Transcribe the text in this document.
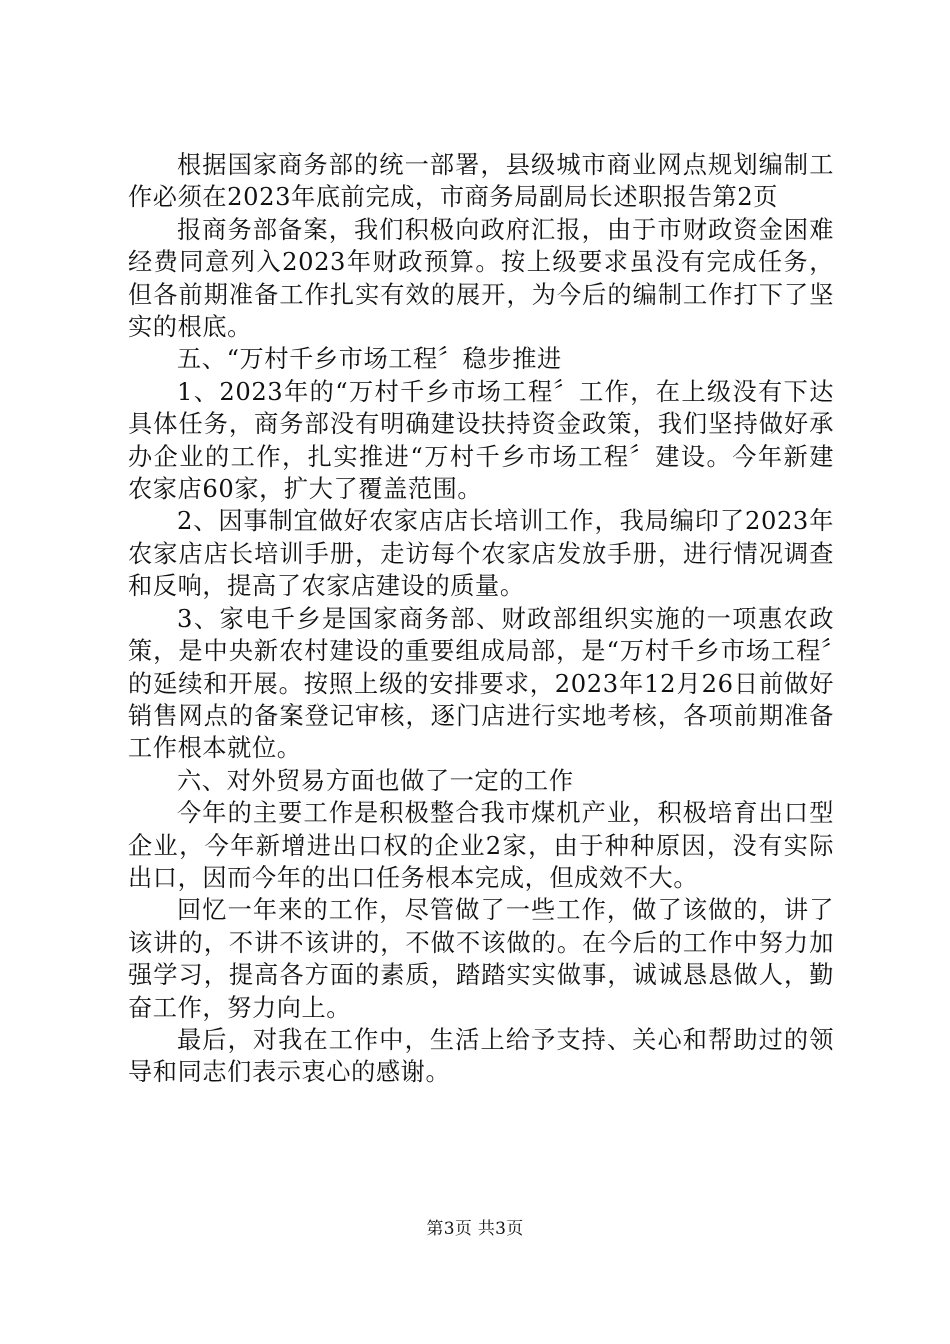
根据国家商务部的统一部署，县级城市商业网点规划编制工作必须在2023年底前完成，市商务局副局长述职报告第2页

报商务部备案，我们积极向政府汇报，由于市财政资金困难经费同意列入2023年财政预算。按上级要求虽没有完成任务，但各前期准备工作扎实有效的展开，为今后的编制工作打下了坚实的根底。

五、“万村千乡市场工程〞稳步推进

1、2023年的“万村千乡市场工程〞工作，在上级没有下达具体任务，商务部没有明确建设扶持资金政策，我们坚持做好承办企业的工作，扎实推进“万村千乡市场工程〞建设。今年新建农家店60家，扩大了覆盖范围。

2、因事制宜做好农家店店长培训工作，我局编印了2023年农家店店长培训手册，走访每个农家店发放手册，进行情况调查和反响，提高了农家店建设的质量。

3、家电千乡是国家商务部、财政部组织实施的一项惠农政策，是中央新农村建设的重要组成局部，是“万村千乡市场工程〞的延续和开展。按照上级的安排要求，2023年12月26日前做好销售网点的备案登记审核，逐门店进行实地考核，各项前期准备工作根本就位。

六、对外贸易方面也做了一定的工作

今年的主要工作是积极整合我市煤机产业，积极培育出口型企业，今年新增进出口权的企业2家，由于种种原因，没有实际出口，因而今年的出口任务根本完成，但成效不大。

回忆一年来的工作，尽管做了一些工作，做了该做的，讲了该讲的，不讲不该讲的，不做不该做的。在今后的工作中努力加强学习，提高各方面的素质，踏踏实实做事，诚诚恳恳做人，勤奋工作，努力向上。

最后，对我在工作中，生活上给予支持、关心和帮助过的领导和同志们表示衷心的感谢。

第3页 共3页
